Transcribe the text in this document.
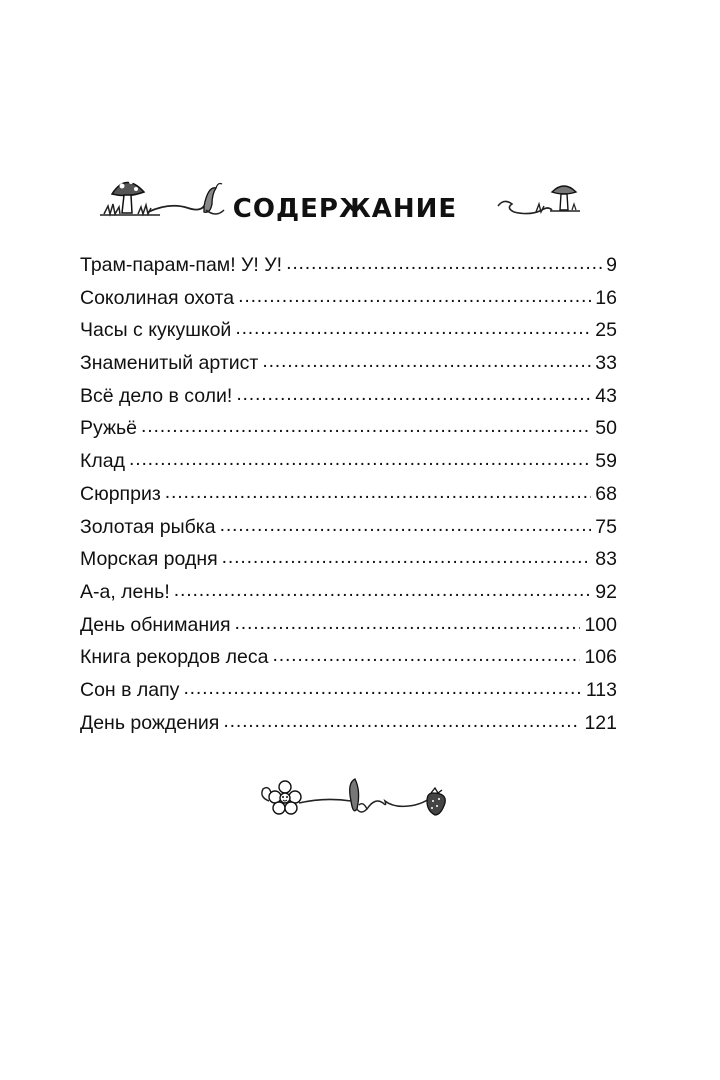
СОДЕРЖАНИЕ
Трам-парам-пам! У! У! . . .	9
Соколиная охота . . .	16
Часы с кукушкой . . .	25
Знаменитый артист . . .	33
Всё дело в соли! . . .	43
Ружьё . . .	50
Клад . . .	59
Сюрприз . . .	68
Золотая рыбка . . .	75
Морская родня . . .	83
А-а, лень! . . .	92
День обнимания . . .	100
Книга рекордов леса . . .	106
Сон в лапу . . .	113
День рождения . . .	121
